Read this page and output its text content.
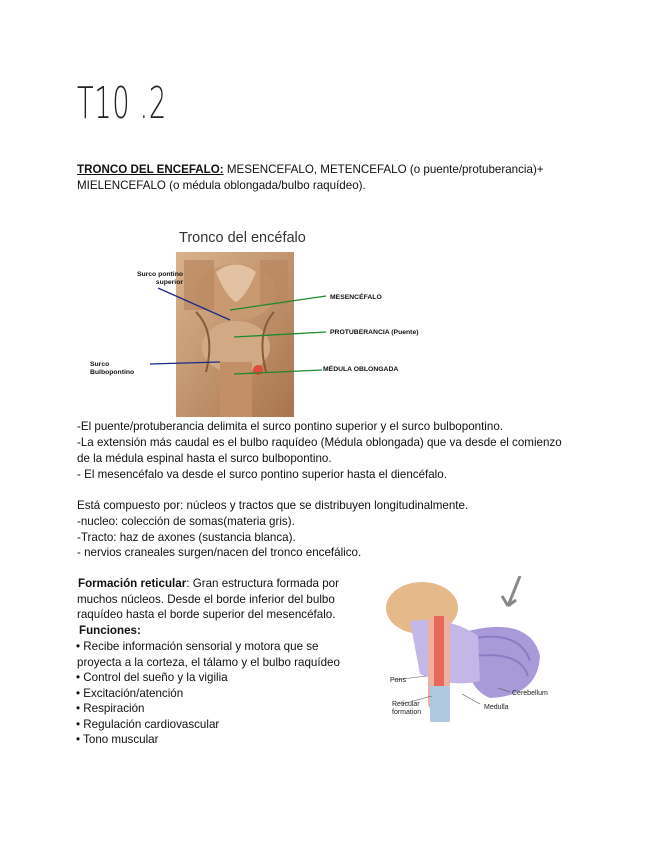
T10 .2
TRONCO DEL ENCEFALO: MESENCEFALO, METENCEFALO (o puente/protuberancia)+
MIELENCEFALO (o médula oblongada/bulbo raquídeo).
Tronco del encéfalo
Surco pontino
superior
Surco
Bulbopontino
MESENCÉFALO
PROTUBERANCIA (Puente)
MÉDULA OBLONGADA
-El puente/protuberancia delimita el surco pontino superior y el surco bulbopontino.
-La extensión más caudal es el bulbo raquídeo (Médula oblongada) que va desde el comienzo
de la médula espinal hasta el surco bulbopontino.
- El mesencéfalo va desde el surco pontino superior hasta el diencéfalo.
Está compuesto por: núcleos y tractos que se distribuyen longitudinalmente.
-nucleo: colección de somas(materia gris).
-Tracto: haz de axones (sustancia blanca).
- nervios craneales surgen/nacen del tronco encefálico.
Formación reticular: Gran estructura formada por
muchos núcleos. Desde el borde inferior del bulbo
raquídeo hasta el borde superior del mesencéfalo.
Funciones:
• Recibe información sensorial y motora que se
proyecta a la corteza, el tálamo y el bulbo raquídeo
• Control del sueño y la vigilia
• Excitación/atención
• Respiración
• Regulación cardiovascular
• Tono muscular
Pons
Reticular
formation
Medulla
Cerebellum
